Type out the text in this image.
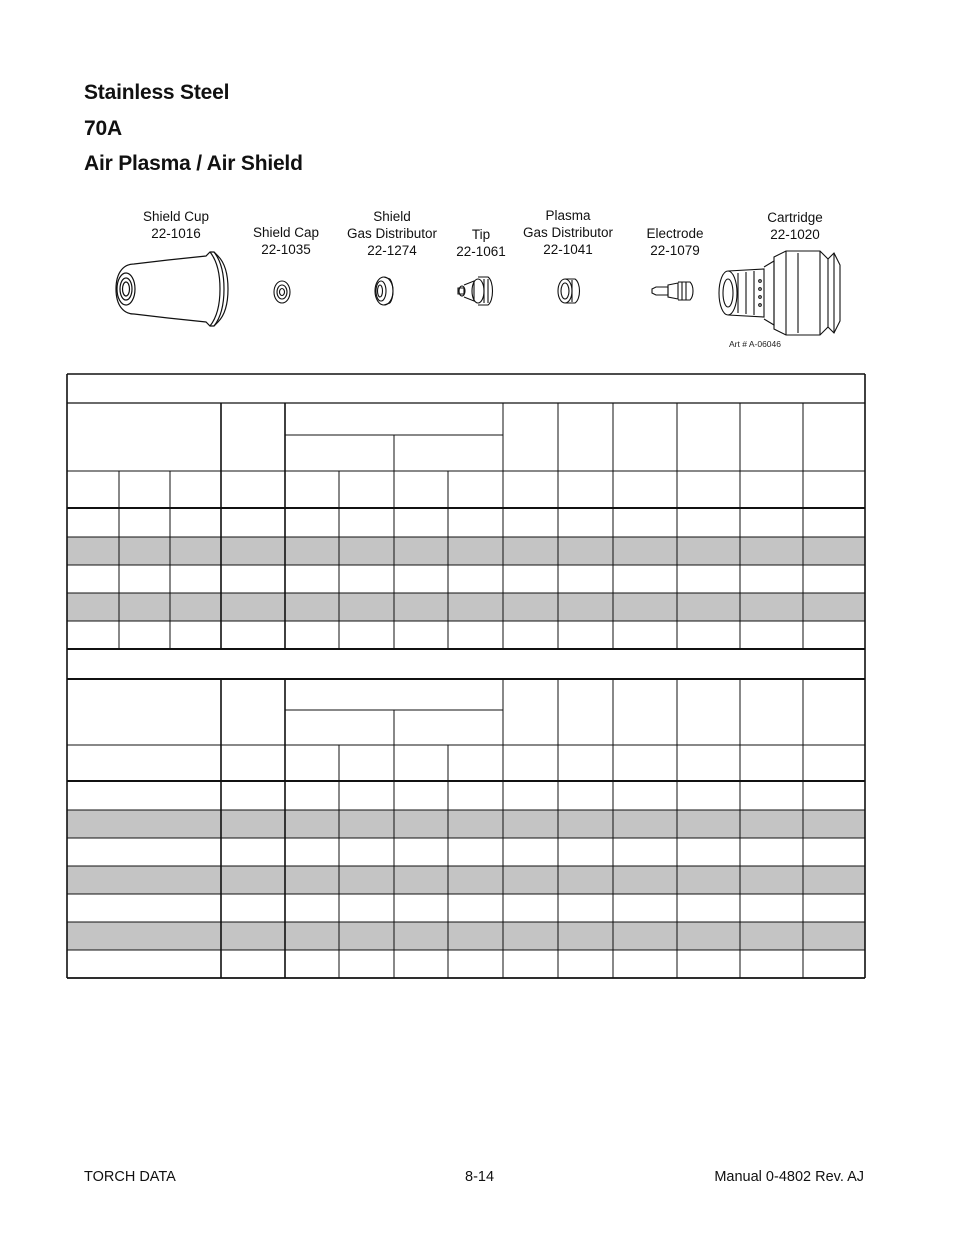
Stainless Steel
70A
Air Plasma / Air Shield
Shield Cup
22-1016	Shield Cap
22-1035
Shield
Gas Distributor
22-1274
Tip
22-1061
Plasma
Gas Distributor
22-1041
Electrode
22-1079
Cartridge
22-1020
Art # A-06046
TORCH DATA	8-14	Manual 0-4802 Rev. AJ
